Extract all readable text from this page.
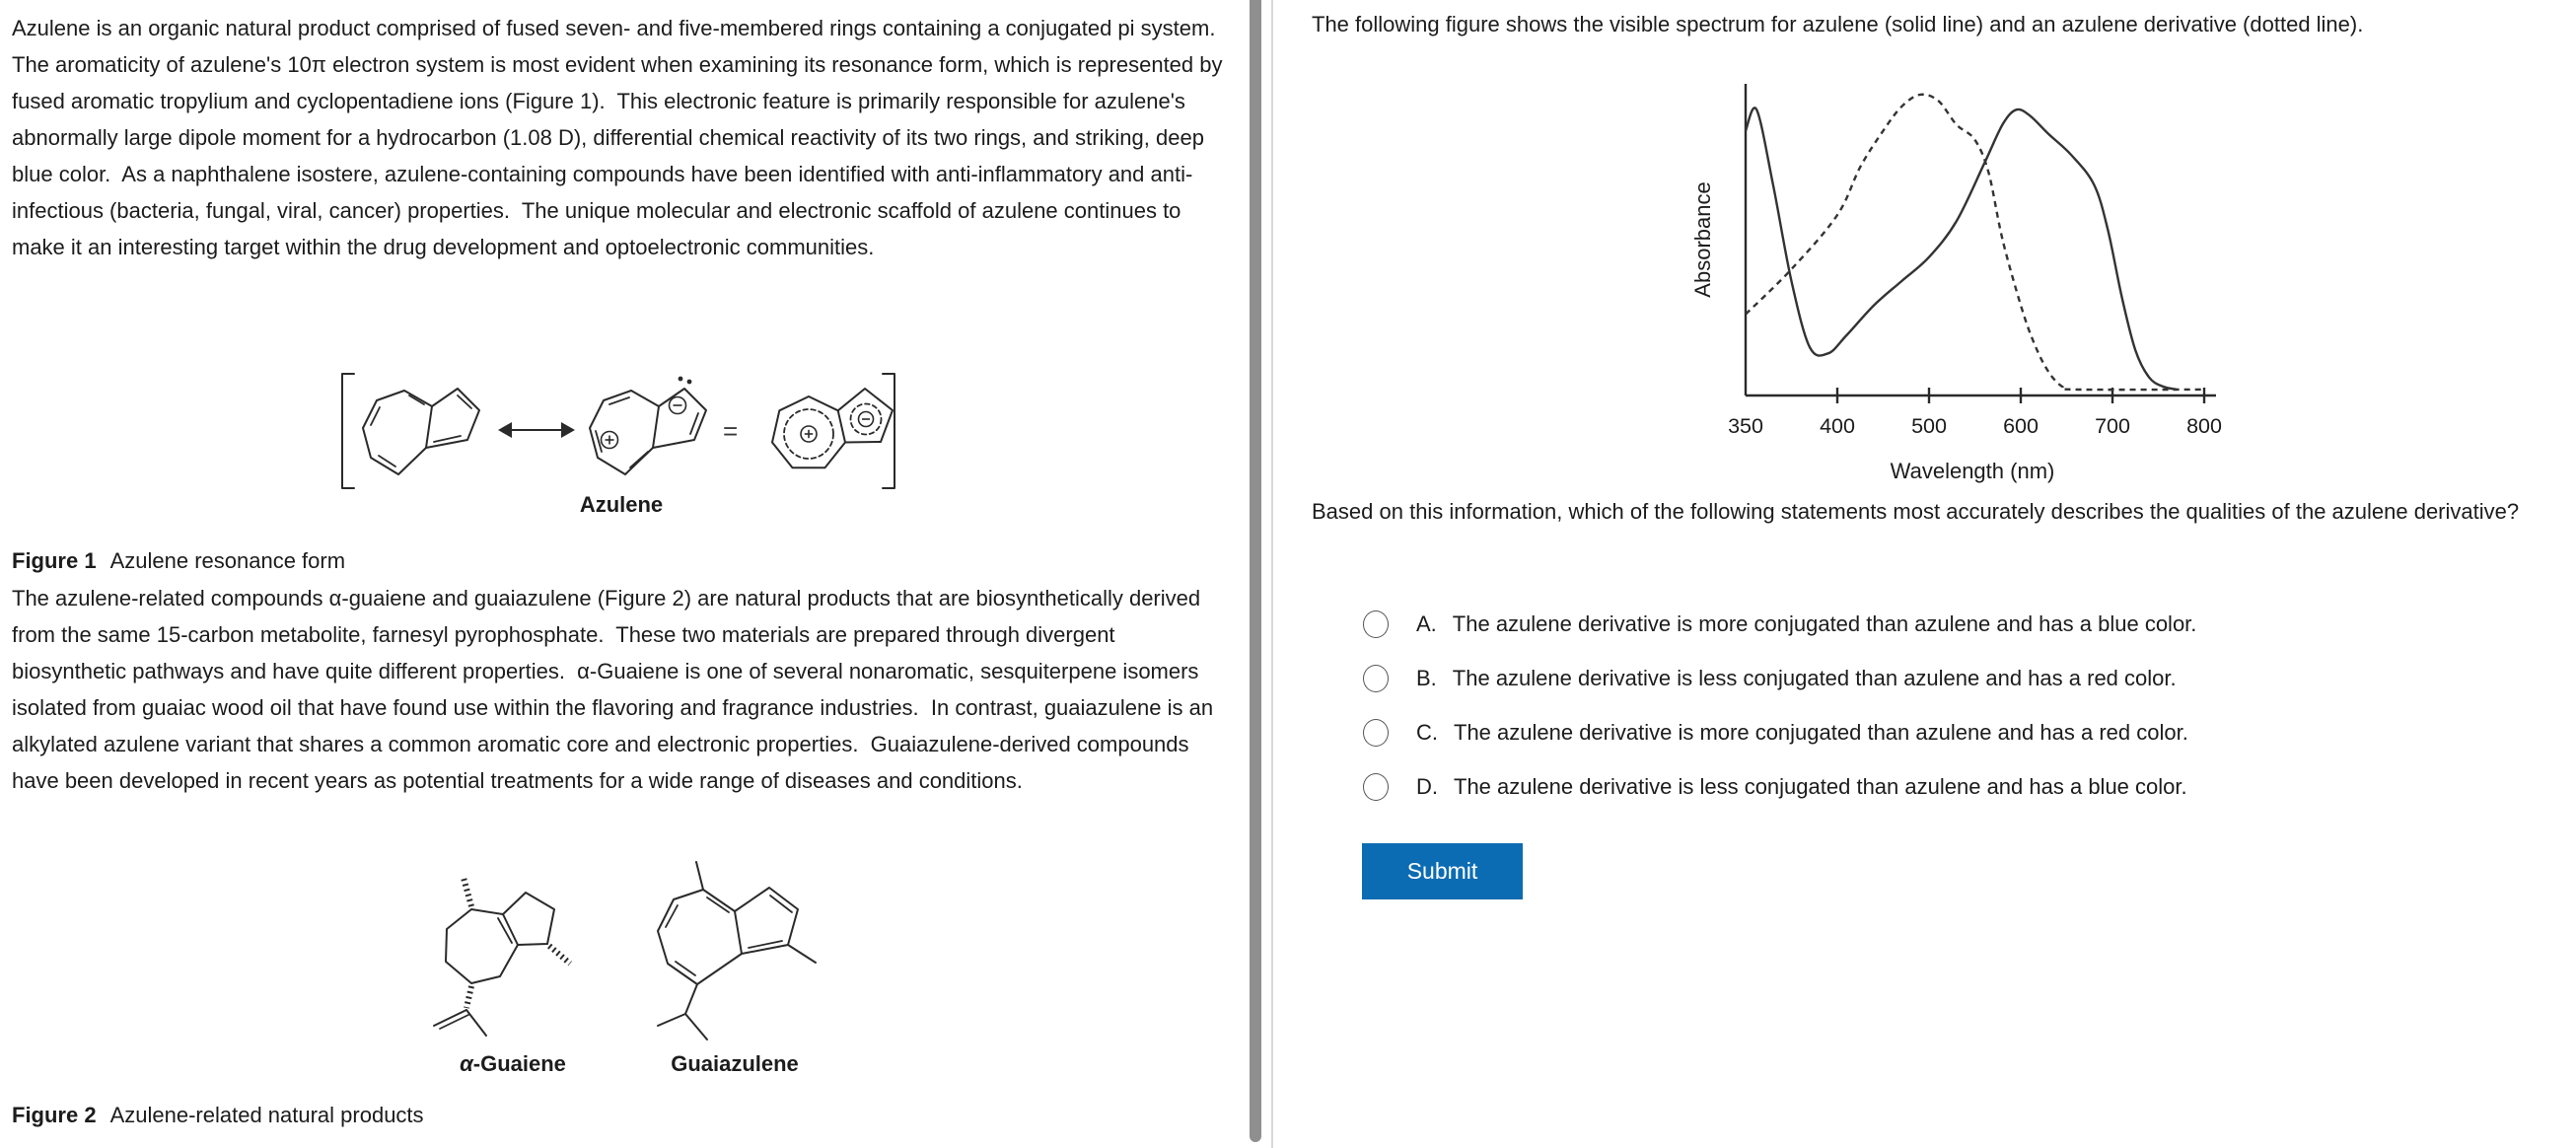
Azulene is an organic natural product comprised of fused seven- and five-membered rings containing a conjugated pi system.  The aromaticity of azulene's 10π electron system is most evident when examining its resonance form, which is represented by fused aromatic tropylium and cyclopentadiene ions (Figure 1).  This electronic feature is primarily responsible for azulene's abnormally large dipole moment for a hydrocarbon (1.08 D), differential chemical reactivity of its two rings, and striking, deep blue color.  As a naphthalene isostere, azulene-containing compounds have been identified with anti-inflammatory and anti-infectious (bacteria, fungal, viral, cancer) properties.  The unique molecular and electronic scaffold of azulene continues to make it an interesting target within the drug development and optoelectronic communities.
=
Azulene
Figure 1 Azulene resonance form
The azulene-related compounds α-guaiene and guaiazulene (Figure 2) are natural products that are biosynthetically derived from the same 15-carbon metabolite, farnesyl pyrophosphate.  These two materials are prepared through divergent biosynthetic pathways and have quite different properties.  α-Guaiene is one of several nonaromatic, sesquiterpene isomers isolated from guaiac wood oil that have found use within the flavoring and fragrance industries.  In contrast, guaiazulene is an alkylated azulene variant that shares a common aromatic core and electronic properties.  Guaiazulene-derived compounds have been developed in recent years as potential treatments for a wide range of diseases and conditions.
α-Guaiene	Guaiazulene
Figure 2 Azulene-related natural products
The following figure shows the visible spectrum for azulene (solid line) and an azulene derivative (dotted line).
350	400	500	600	700	800
Wavelength (nm)
Absorbance
Based on this information, which of the following statements most accurately describes the qualities of the azulene derivative?
A. The azulene derivative is more conjugated than azulene and has a blue color.
B. The azulene derivative is less conjugated than azulene and has a red color.
C. The azulene derivative is more conjugated than azulene and has a red color.
D. The azulene derivative is less conjugated than azulene and has a blue color.
Submit
